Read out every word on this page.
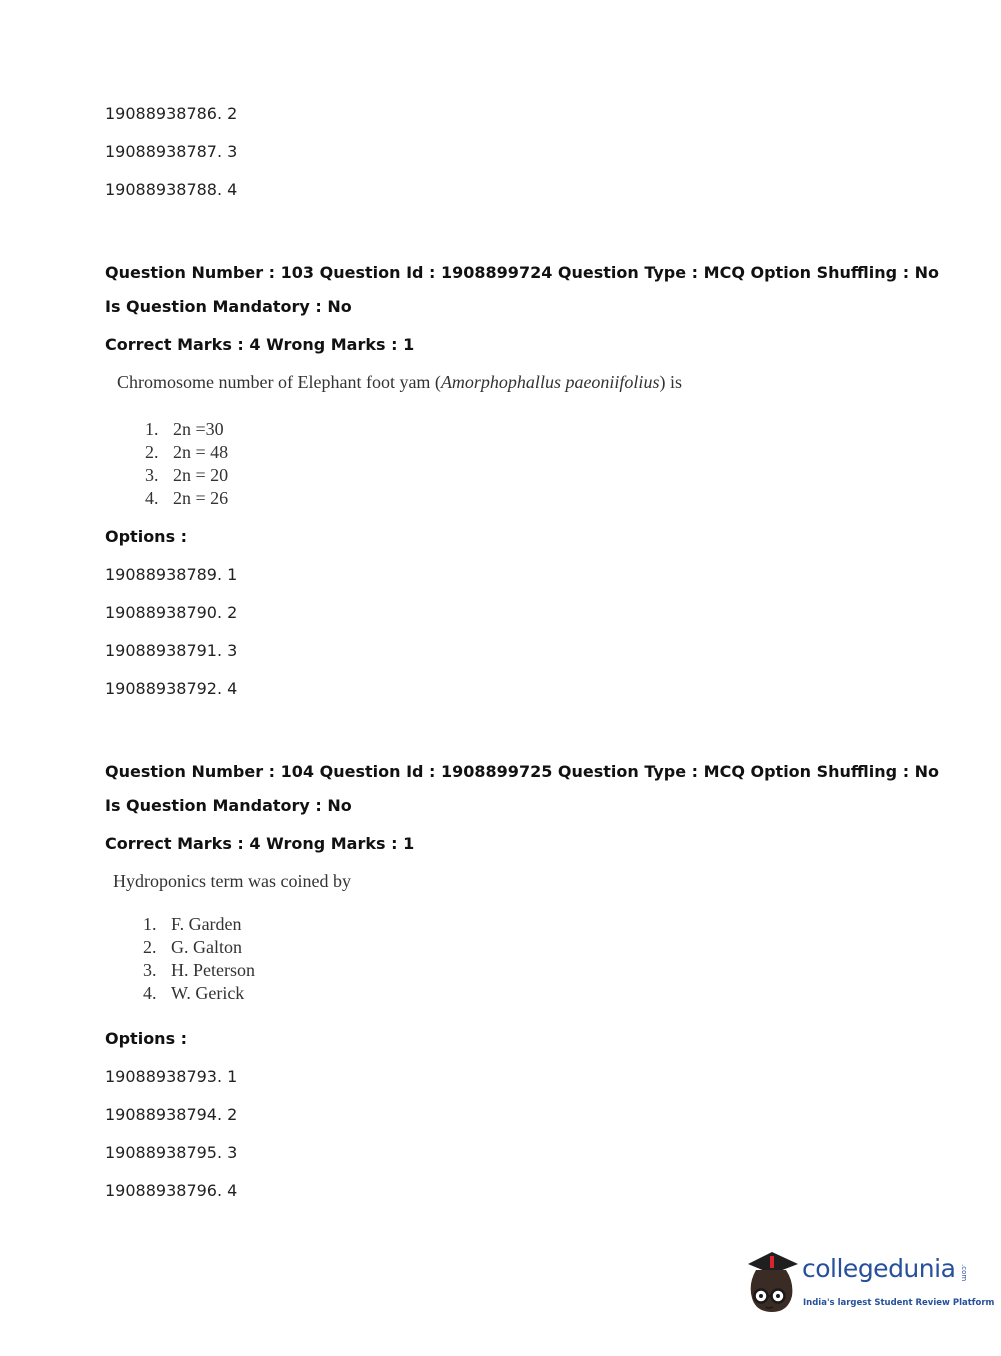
19088938786. 2
19088938787. 3
19088938788. 4
Question Number : 103 Question Id : 1908899724 Question Type : MCQ Option Shuffling : No
Is Question Mandatory : No
Correct Marks : 4 Wrong Marks : 1
Chromosome number of Elephant foot yam (Amorphophallus paeoniifolius) is
1. 2n =30
2. 2n = 48
3. 2n = 20
4. 2n = 26
Options :
19088938789. 1
19088938790. 2
19088938791. 3
19088938792. 4
Question Number : 104 Question Id : 1908899725 Question Type : MCQ Option Shuffling : No
Is Question Mandatory : No
Correct Marks : 4 Wrong Marks : 1
Hydroponics term was coined by
1. F. Garden
2. G. Galton
3. H. Peterson
4. W. Gerick
Options :
19088938793. 1
19088938794. 2
19088938795. 3
19088938796. 4
collegedunia .com
India's largest Student Review Platform
